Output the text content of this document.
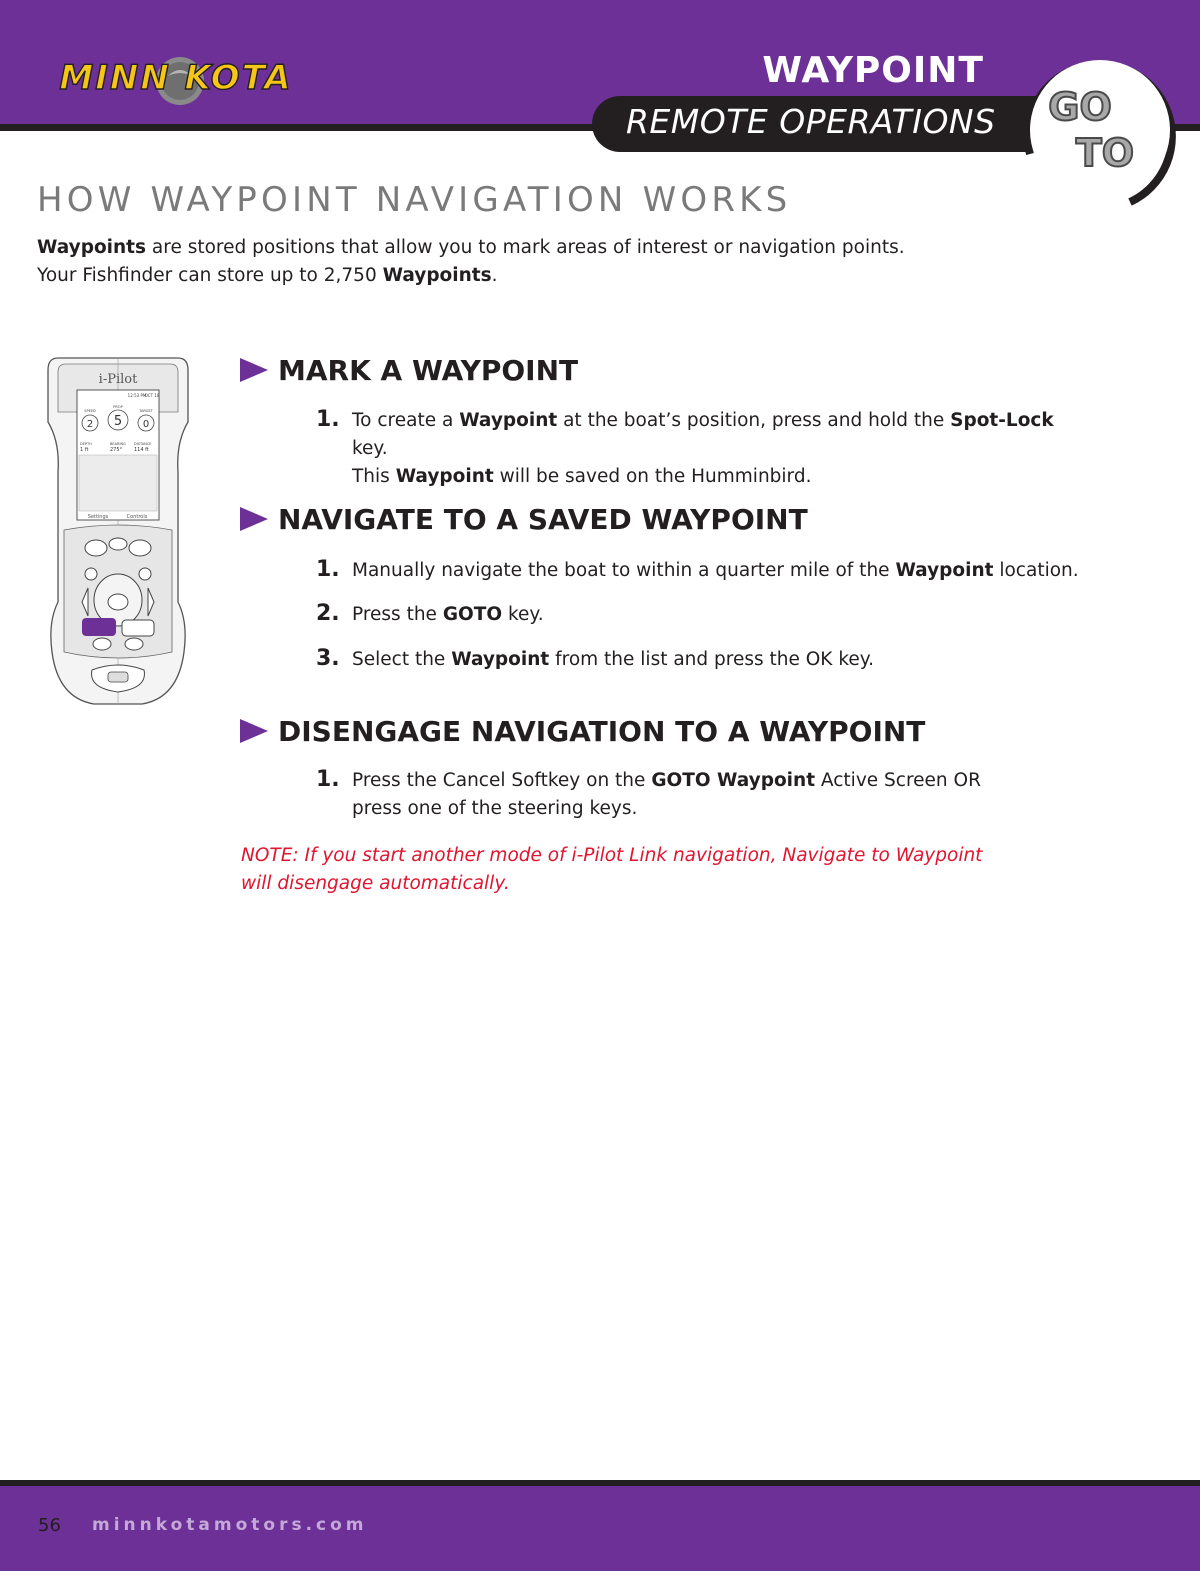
MINN KOTA	WAYPOINT
REMOTE OPERATIONS GO
TO
HOW WAYPOINT NAVIGATION WORKS
Waypoints are stored positions that allow you to mark areas of interest or navigation points.
Your Fishfinder can store up to 2,750 Waypoints.
i-Pilot
12:53 PM
OCT 18
SPEED
PROP
TARGET
2 5 0
DEPTH	BEARING DISTANCE
1 ft	275° 114 ft
Settings	Controls
MARK A WAYPOINT
1. To create a Waypoint at the boat’s position, press and hold the Spot-Lock key.
This Waypoint will be saved on the Humminbird.
NAVIGATE TO A SAVED WAYPOINT
1. Manually navigate the boat to within a quarter mile of the Waypoint location.
2. Press the GOTO key.
3. Select the Waypoint from the list and press the OK key.
DISENGAGE NAVIGATION TO A WAYPOINT
1. Press the Cancel Softkey on the GOTO Waypoint Active Screen OR
press one of the steering keys.
NOTE: If you start another mode of i-Pilot Link navigation, Navigate to Waypoint
will disengage automatically.
56 minnkotamotors.com
